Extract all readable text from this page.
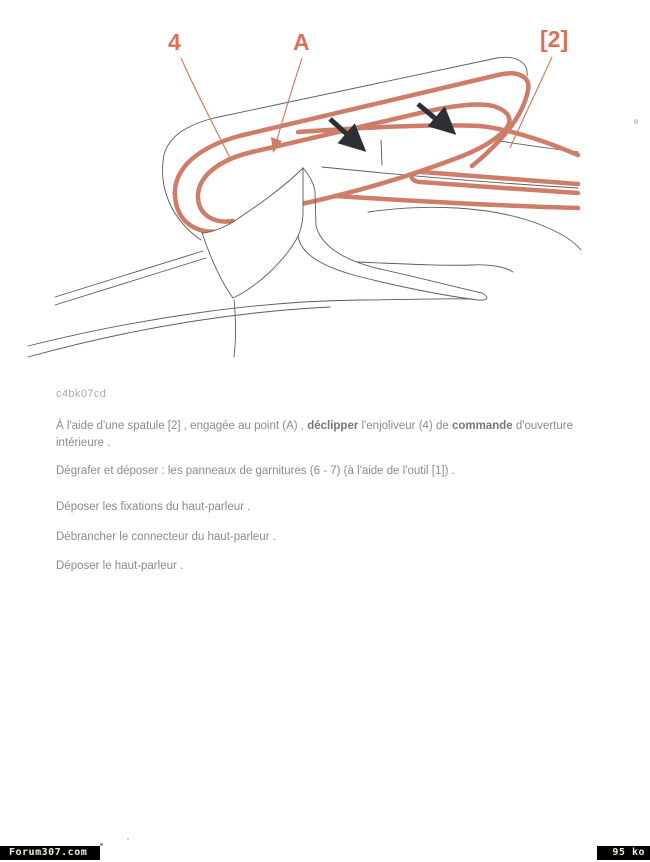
4	A	[2]
c4bk07cd
À l'aide d'une spatule [2] , engagée au point (A) , déclipper l'enjoliveur (4) de commande d'ouverture
intérieure .
Dégrafer et déposer : les panneaux de garnitures (6 - 7) (à l'aide de l'outil [1]) .
Déposer les fixations du haut-parleur .
Débrancher le connecteur du haut-parleur .
Déposer le haut-parleur .
e
Forum307.com	95 ko
